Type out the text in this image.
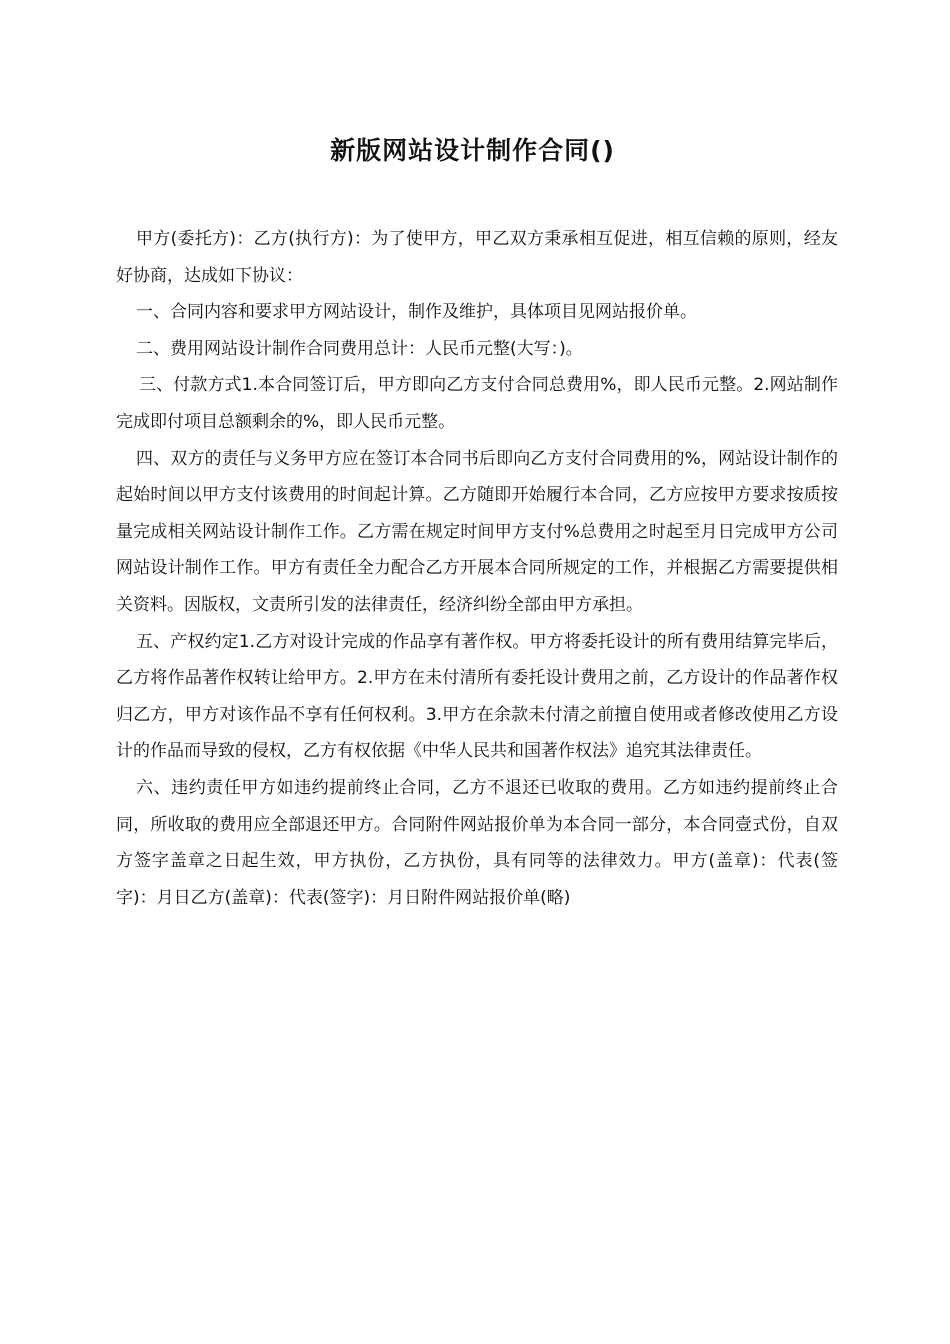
新版网站设计制作合同()

甲方(委托方)：乙方(执行方)：为了使甲方，甲乙双方秉承相互促进，相互信赖的原则，经友好协商，达成如下协议：

一、合同内容和要求甲方网站设计，制作及维护，具体项目见网站报价单。

二、费用网站设计制作合同费用总计：人民币元整(大写：)。

三、付款方式1.本合同签订后，甲方即向乙方支付合同总费用%，即人民币元整。2.网站制作完成即付项目总额剩余的%，即人民币元整。

四、双方的责任与义务甲方应在签订本合同书后即向乙方支付合同费用的%，网站设计制作的起始时间以甲方支付该费用的时间起计算。乙方随即开始履行本合同，乙方应按甲方要求按质按量完成相关网站设计制作工作。乙方需在规定时间甲方支付%总费用之时起至月日完成甲方公司网站设计制作工作。甲方有责任全力配合乙方开展本合同所规定的工作，并根据乙方需要提供相关资料。因版权，文责所引发的法律责任，经济纠纷全部由甲方承担。

五、产权约定1.乙方对设计完成的作品享有著作权。甲方将委托设计的所有费用结算完毕后，乙方将作品著作权转让给甲方。2.甲方在未付清所有委托设计费用之前，乙方设计的作品著作权归乙方，甲方对该作品不享有任何权利。3.甲方在余款未付清之前擅自使用或者修改使用乙方设计的作品而导致的侵权，乙方有权依据《中华人民共和国著作权法》追究其法律责任。

六、违约责任甲方如违约提前终止合同，乙方不退还已收取的费用。乙方如违约提前终止合同，所收取的费用应全部退还甲方。合同附件网站报价单为本合同一部分，本合同壹式份，自双方签字盖章之日起生效，甲方执份，乙方执份，具有同等的法律效力。甲方(盖章)：代表(签字)：月日乙方(盖章)：代表(签字)：月日附件网站报价单(略)
